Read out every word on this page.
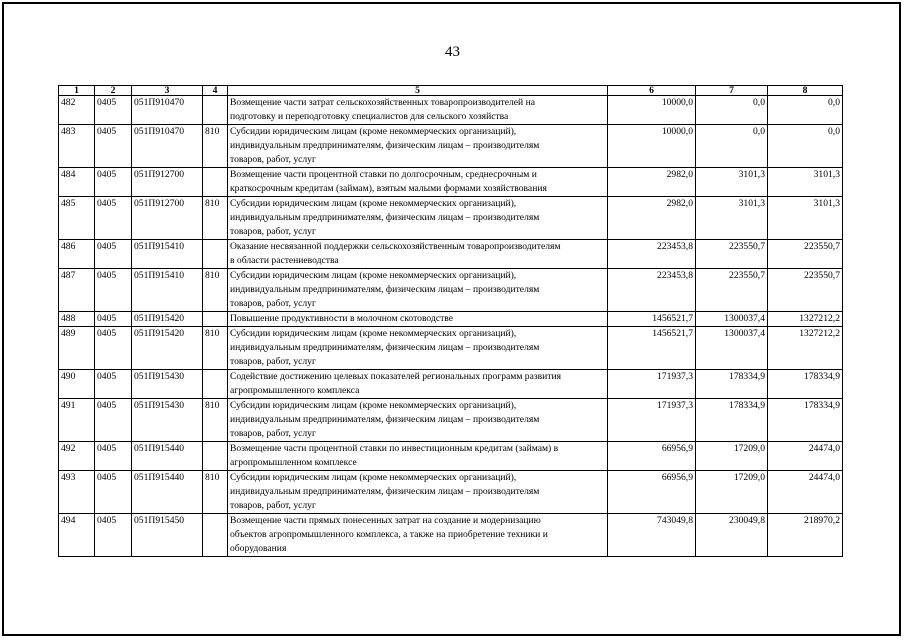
43
1	2	3	4	5	6	7	8
482	0405	051П910470		Возмещение части затрат сельскохозяйственных товаропроизводителей на
подготовку и переподготовку специалистов для сельского хозяйства	10000,0	0,0	0,0
483	0405	051П910470	810	Субсидии юридическим лицам (кроме некоммерческих организаций),
индивидуальным предпринимателям, физическим лицам – производителям
товаров, работ, услуг	10000,0	0,0	0,0
484	0405	051П912700		Возмещение части процентной ставки по долгосрочным, среднесрочным и
краткосрочным кредитам (займам), взятым малыми формами хозяйствования	2982,0	3101,3	3101,3
485	0405	051П912700	810	Субсидии юридическим лицам (кроме некоммерческих организаций),
индивидуальным предпринимателям, физическим лицам – производителям
товаров, работ, услуг	2982,0	3101,3	3101,3
486	0405	051П915410		Оказание несвязанной поддержки сельскохозяйственным товаропроизводителям
в области растениеводства	223453,8	223550,7	223550,7
487	0405	051П915410	810	Субсидии юридическим лицам (кроме некоммерческих организаций),
индивидуальным предпринимателям, физическим лицам – производителям
товаров, работ, услуг	223453,8	223550,7	223550,7
488	0405	051П915420		Повышение продуктивности в молочном скотоводстве	1456521,7	1300037,4	1327212,2
489	0405	051П915420	810	Субсидии юридическим лицам (кроме некоммерческих организаций),
индивидуальным предпринимателям, физическим лицам – производителям
товаров, работ, услуг	1456521,7	1300037,4	1327212,2
490	0405	051П915430		Содействие достижению целевых показателей региональных программ развития
агропромышленного комплекса	171937,3	178334,9	178334,9
491	0405	051П915430	810	Субсидии юридическим лицам (кроме некоммерческих организаций),
индивидуальным предпринимателям, физическим лицам – производителям
товаров, работ, услуг	171937,3	178334,9	178334,9
492	0405	051П915440		Возмещение части процентной ставки по инвестиционным кредитам (займам) в
агропромышленном комплексе	66956,9	17209,0	24474,0
493	0405	051П915440	810	Субсидии юридическим лицам (кроме некоммерческих организаций),
индивидуальным предпринимателям, физическим лицам – производителям
товаров, работ, услуг	66956,9	17209,0	24474,0
494	0405	051П915450		Возмещение части прямых понесенных затрат на создание и модернизацию
объектов агропромышленного комплекса, а также на приобретение техники и
оборудования	743049,8	230049,8	218970,2
